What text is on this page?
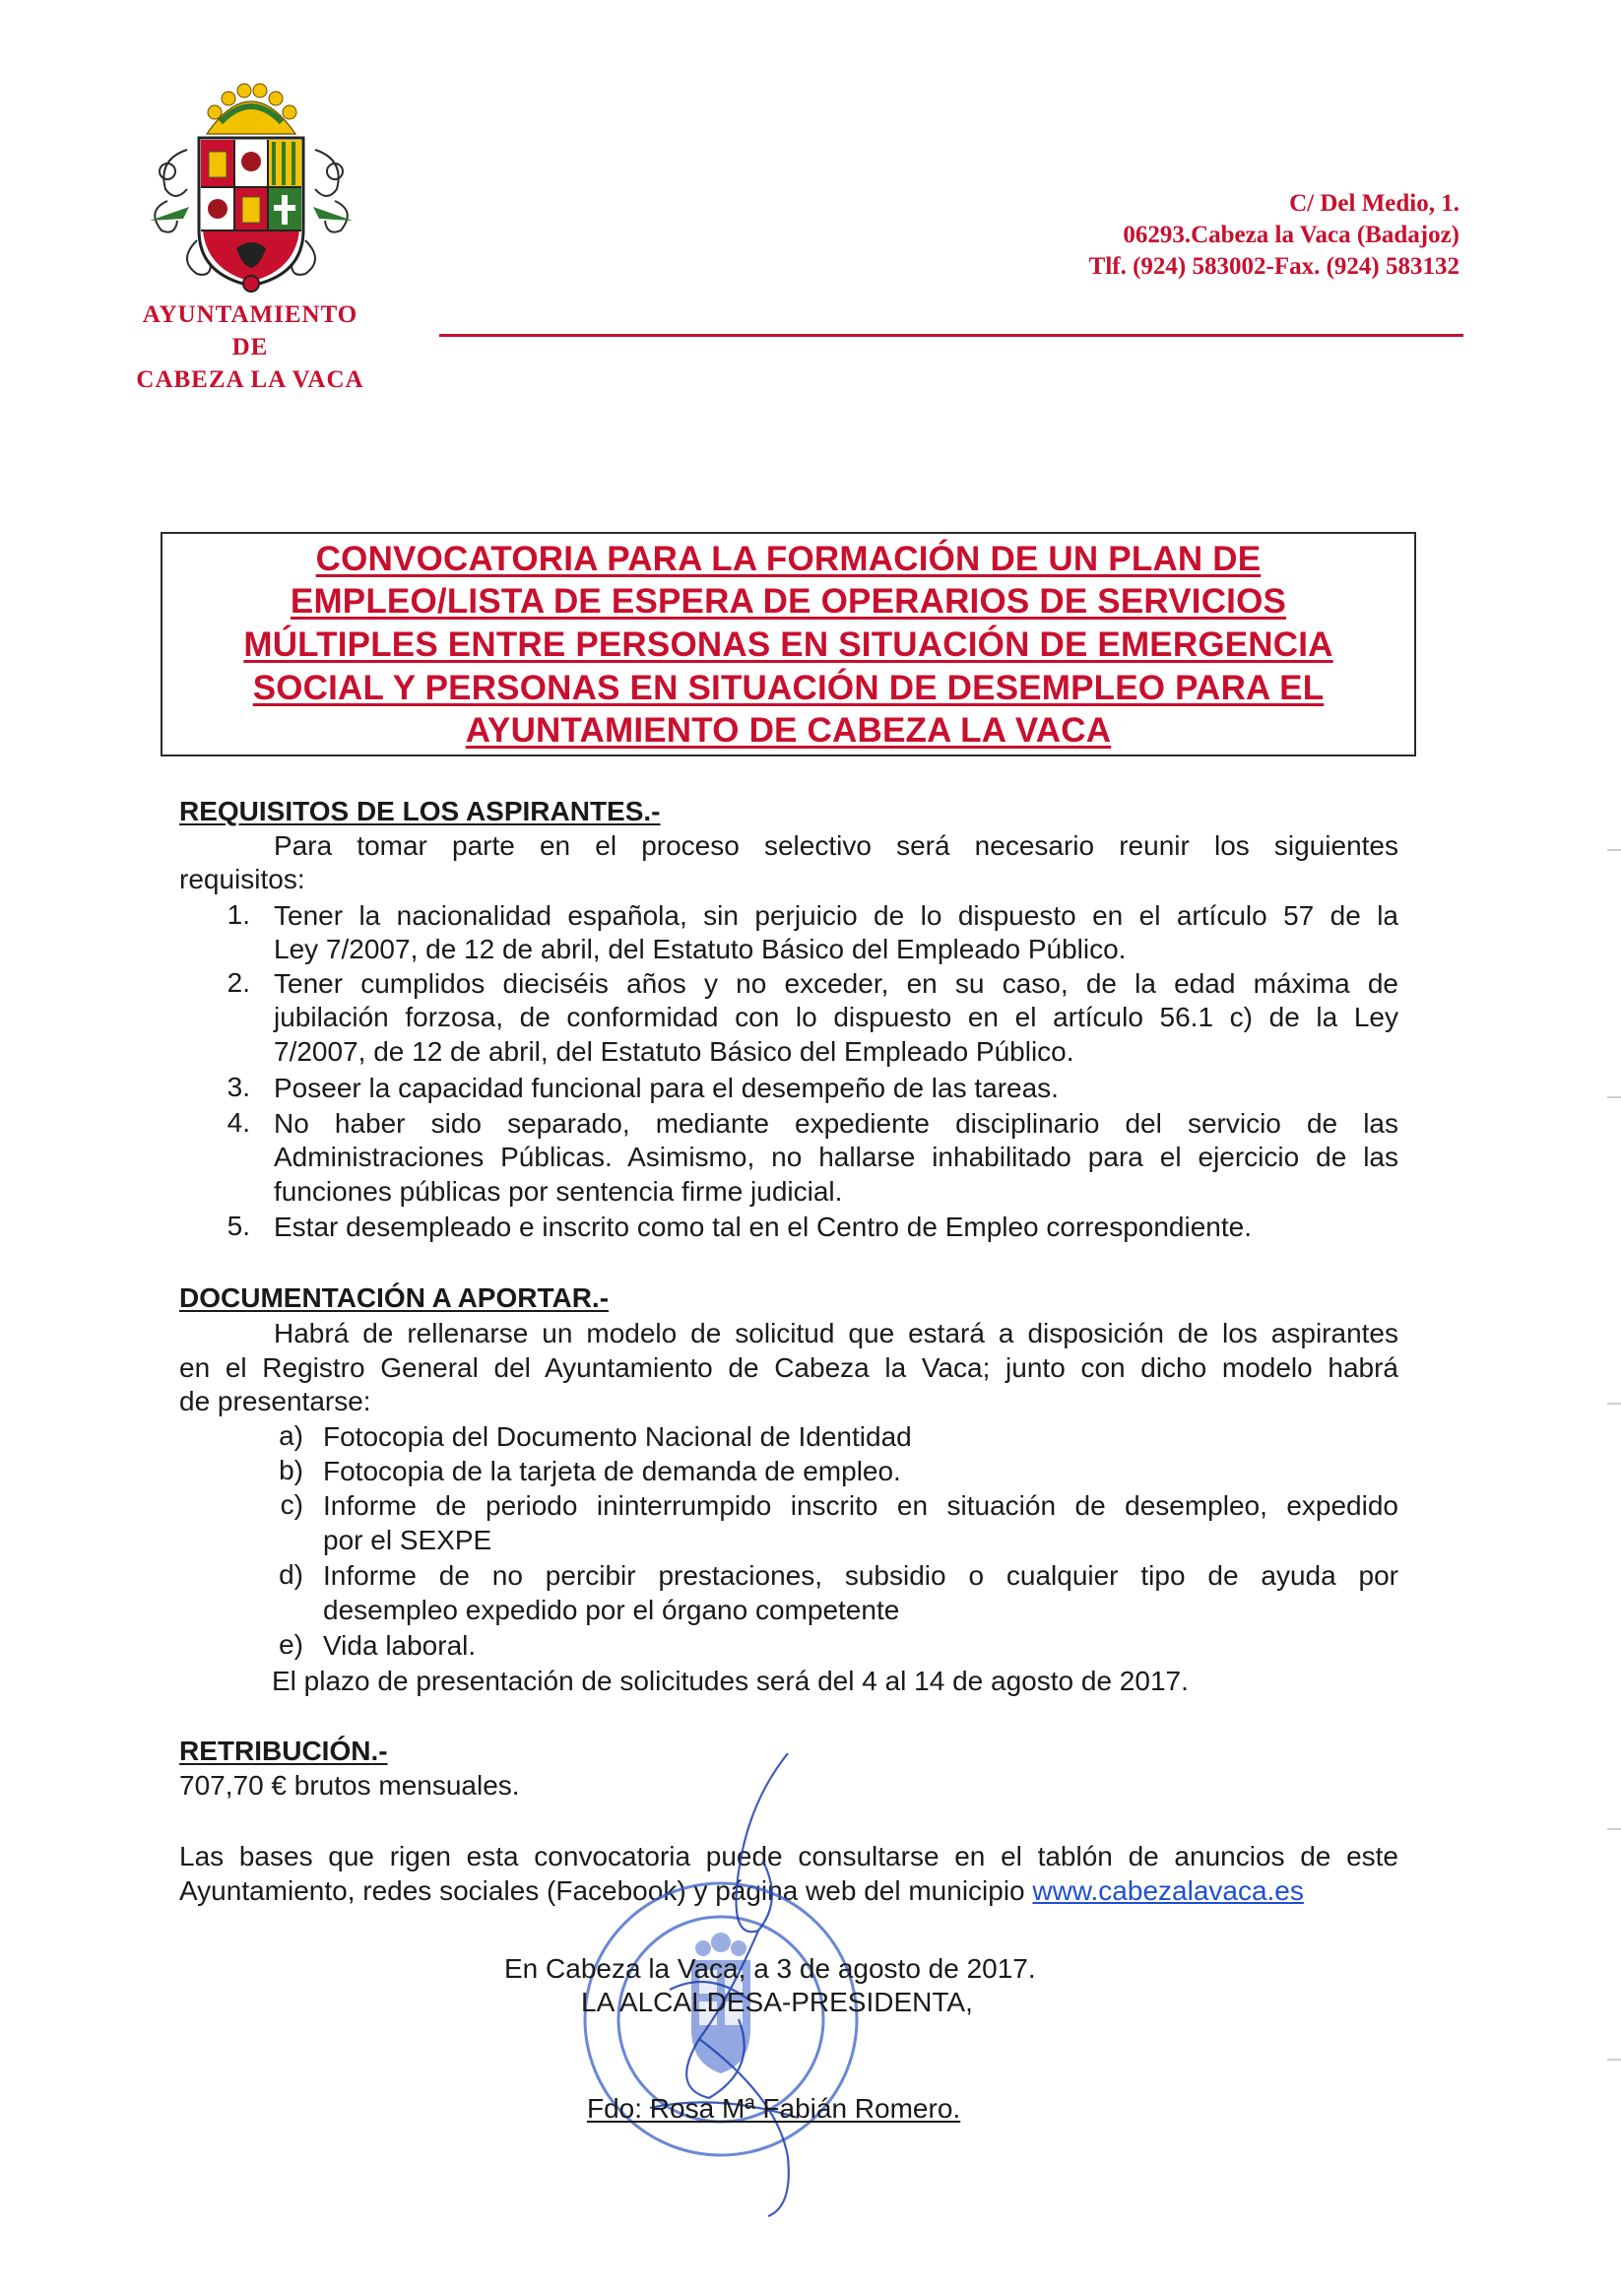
AYUNTAMIENTO
DE
CABEZA LA VACA
C/ Del Medio, 1.
06293.Cabeza la Vaca (Badajoz)
Tlf. (924) 583002-Fax. (924) 583132
CONVOCATORIA PARA LA FORMACIÓN DE UN PLAN DE
EMPLEO/LISTA DE ESPERA DE OPERARIOS DE SERVICIOS
MÚLTIPLES ENTRE PERSONAS EN SITUACIÓN DE EMERGENCIA
SOCIAL Y PERSONAS EN SITUACIÓN DE DESEMPLEO PARA EL
AYUNTAMIENTO DE CABEZA LA VACA
REQUISITOS DE LOS ASPIRANTES.-
Para tomar parte en el proceso selectivo será necesario reunir los siguientes
requisitos:
1. Tener la nacionalidad española, sin perjuicio de lo dispuesto en el artículo 57 de la
Ley 7/2007, de 12 de abril, del Estatuto Básico del Empleado Público.
2. Tener cumplidos dieciséis años y no exceder, en su caso, de la edad máxima de
jubilación forzosa, de conformidad con lo dispuesto en el artículo 56.1 c) de la Ley
7/2007, de 12 de abril, del Estatuto Básico del Empleado Público.
3. Poseer la capacidad funcional para el desempeño de las tareas.
4. No haber sido separado, mediante expediente disciplinario del servicio de las
Administraciones Públicas. Asimismo, no hallarse inhabilitado para el ejercicio de las
funciones públicas por sentencia firme judicial.
5. Estar desempleado e inscrito como tal en el Centro de Empleo correspondiente.
DOCUMENTACIÓN A APORTAR.-
Habrá de rellenarse un modelo de solicitud que estará a disposición de los aspirantes
en el Registro General del Ayuntamiento de Cabeza la Vaca; junto con dicho modelo habrá
de presentarse:
a) Fotocopia del Documento Nacional de Identidad
b) Fotocopia de la tarjeta de demanda de empleo.
c) Informe de periodo ininterrumpido inscrito en situación de desempleo, expedido
por el SEXPE
d) Informe de no percibir prestaciones, subsidio o cualquier tipo de ayuda por
desempleo expedido por el órgano competente
e) Vida laboral.
El plazo de presentación de solicitudes será del 4 al 14 de agosto de 2017.
RETRIBUCIÓN.-
707,70 € brutos mensuales.
Las bases que rigen esta convocatoria puede consultarse en el tablón de anuncios de este
Ayuntamiento, redes sociales (Facebook) y página web del municipio www.cabezalavaca.es
En Cabeza la Vaca, a 3 de agosto de 2017.
LA ALCALDESA-PRESIDENTA,
Fdo: Rosa Mª Fabián Romero.
